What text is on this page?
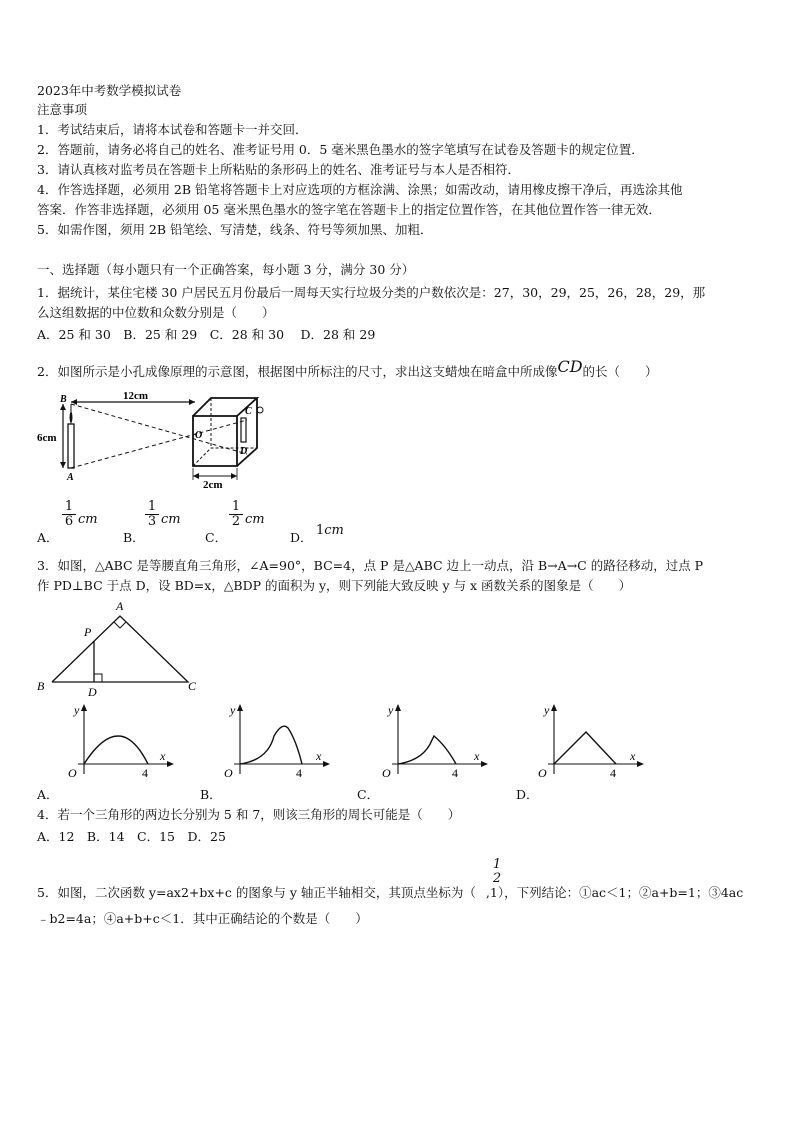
2023年中考数学模拟试卷
注意事项
1．考试结束后，请将本试卷和答题卡一并交回．
2．答题前，请务必将自己的姓名、准考证号用 0．5 毫米黑色墨水的签字笔填写在试卷及答题卡的规定位置．
3．请认真核对监考员在答题卡上所粘贴的条形码上的姓名、准考证号与本人是否相符．
4．作答选择题，必须用 2B 铅笔将答题卡上对应选项的方框涂满、涂黑；如需改动，请用橡皮擦干净后，再选涂其他
答案．作答非选择题，必须用 05 毫米黑色墨水的签字笔在答题卡上的指定位置作答，在其他位置作答一律无效．
5．如需作图，须用 2B 铅笔绘、写清楚，线条、符号等须加黑、加粗．
一、选择题（每小题只有一个正确答案，每小题 3 分，满分 30 分）
1．据统计，某住宅楼 30 户居民五月份最后一周每天实行垃圾分类的户数依次是：27，30，29，25，26，28，29，那
么这组数据的中位数和众数分别是（　　）
A．25 和 30　B．25 和 29　C．28 和 30　 D．28 和 29
2．如图所示是小孔成像原理的示意图，根据图中所标注的尺寸，求出这支蜡烛在暗盒中所成像CD的长（　　）
6cm
B
A
12cm
O
C
D
2cm
A．
$\frac{1}{6}$ cm
B．
$\frac{1}{3}$ cm
C．
$\frac{1}{2}$ cm
D． 1cm
3．如图，△ABC 是等腰直角三角形，∠A=90°，BC=4，点 P 是△ABC 边上一动点，沿 B→A→C 的路径移动，过点 P
作 PD⊥BC 于点 D，设 BD=x，△BDP 的面积为 y，则下列能大致反映 y 与 x 函数关系的图象是（　　）
A
B	C
P
D
y
x
O	4
y
x
O	4
y
x
O	4
y
x
O	4
A．	B．	C．	D．
4．若一个三角形的两边长分别为 5 和 7，则该三角形的周长可能是（　　）
A．12　B．14　C．15　D．25
1
2
5．如图，二次函数 y=ax2+bx+c 的图象与 y 轴正半轴相交，其顶点坐标为（ ,1），下列结论：①ac＜1；②a+b=1；③4ac
﹣b2=4a；④a+b+c＜1．其中正确结论的个数是（　　）
